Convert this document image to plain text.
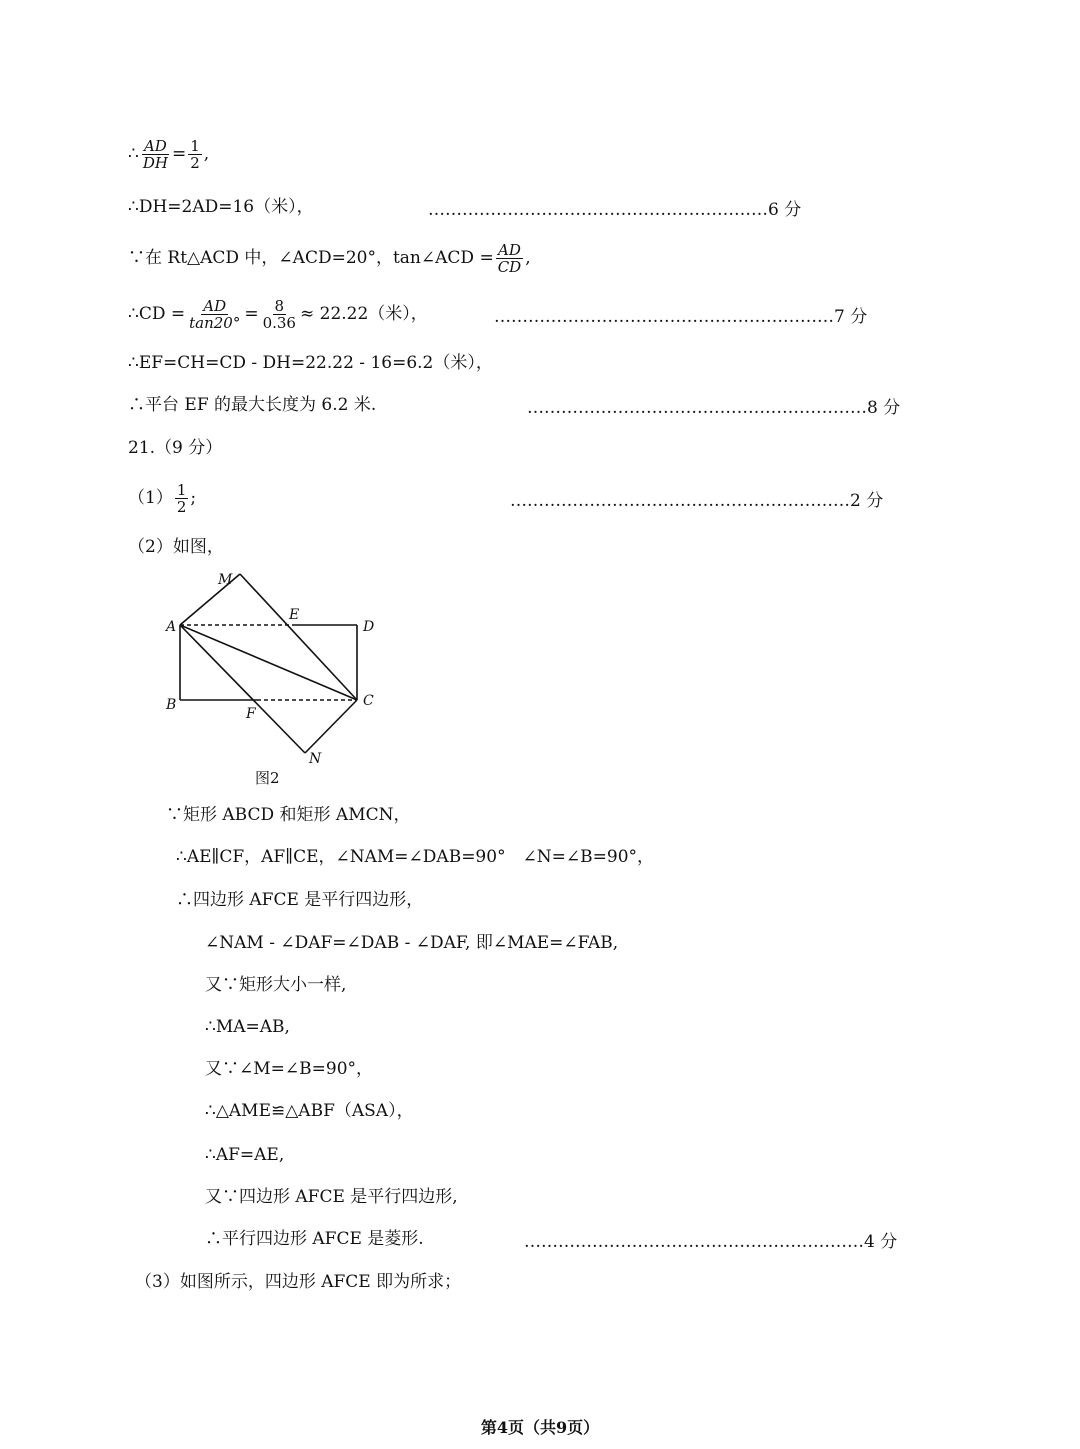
∴ $\frac{AD}{DH} = \frac{1}{2}$ ,
∴DH=2AD=16（米），	……………………………………………………6 分
∵在 Rt△ACD 中，∠ACD=20°，tan∠ACD = $\frac{AD}{CD}$ ,
∴CD = $\frac{AD}{\tan 20^\circ} = \frac{8}{0.36} \approx 22.22$（米），	……………………………………………………7 分
∴EF=CH=CD - DH=22.22 - 16=6.2（米），
∴平台 EF 的最大长度为 6.2 米.	……………………………………………………8 分
21.（9 分）
$(1) \frac{1}{2}$ ;	……………………………………………………2 分
（2）如图，
M
E
A	D
B
F
C
N
图2
∵矩形 ABCD 和矩形 AMCN，
∴AE∥CF，AF∥CE，∠NAM=∠DAB=90°　∠N=∠B=90°，
∴四边形 AFCE 是平行四边形，
∠NAM - ∠DAF=∠DAB - ∠DAF, 即∠MAE=∠FAB,
又∵矩形大小一样,
∴MA=AB,
又∵∠M=∠B=90°，
∴△AME≌△ABF（ASA），
∴AF=AE,
又∵四边形 AFCE 是平行四边形,
∴平行四边形 AFCE 是菱形.	……………………………………………………4 分
（3）如图所示，四边形 AFCE 即为所求；
第4页（共9页）
